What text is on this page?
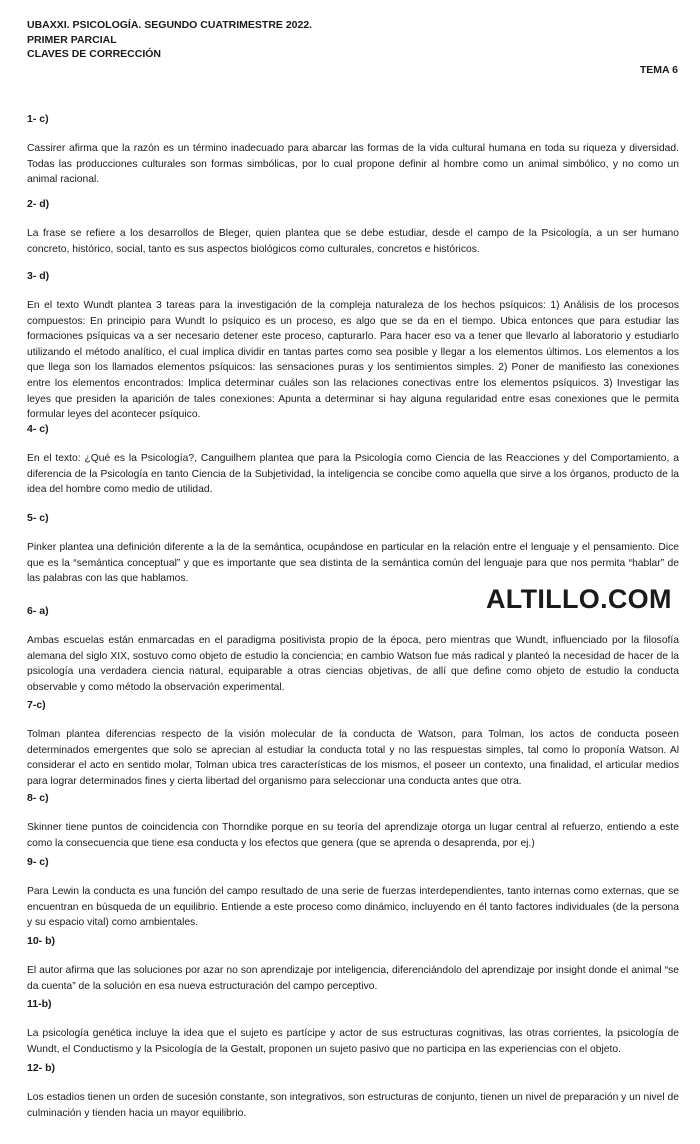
UBAXXI. PSICOLOGÍA. SEGUNDO CUATRIMESTRE 2022.
PRIMER PARCIAL
CLAVES DE CORRECCIÓN
TEMA 6
1- c)
Cassirer afirma que la razón es un término inadecuado para abarcar las formas de la vida cultural humana en toda su riqueza y diversidad. Todas las producciones culturales son formas simbólicas, por lo cual propone definir al hombre como un animal simbólico, y no como un animal racional.
2- d)
La frase se refiere a los desarrollos de Bleger, quien plantea que se debe estudiar, desde el campo de la Psicología, a un ser humano concreto, histórico, social, tanto es sus aspectos biológicos como culturales, concretos e históricos.
3- d)
En el texto Wundt plantea 3 tareas para la investigación de la compleja naturaleza de los hechos psíquicos: 1) Análisis de los procesos compuestos: En principio para Wundt lo psíquico es un proceso, es algo que se da en el tiempo. Ubica entonces que para estudiar las formaciones psíquicas va a ser necesario detener este proceso, capturarlo. Para hacer eso va a tener que llevarlo al laboratorio y estudiarlo utilizando el método analítico, el cual implica dividir en tantas partes como sea posible y llegar a los elementos últimos. Los elementos a los que llega son los llamados elementos psíquicos: las sensaciones puras y los sentimientos simples. 2) Poner de manifiesto las conexiones entre los elementos encontrados: Implica determinar cuáles son las relaciones conectivas entre los elementos psíquicos. 3) Investigar las leyes que presiden la aparición de tales conexiones: Apunta a determinar si hay alguna regularidad entre esas conexiones que le permita formular leyes del acontecer psíquico.
4- c)
En el texto: ¿Qué es la Psicología?, Canguilhem plantea que para la Psicología como Ciencia de las Reacciones y del Comportamiento, a diferencia de la Psicología en tanto Ciencia de la Subjetividad, la inteligencia se concibe como aquella que sirve a los órganos, producto de la idea del hombre como medio de utilidad.
5- c)
Pinker plantea una definición diferente a la de la semántica, ocupándose en particular en la relación entre el lenguaje y el pensamiento. Dice que es la “semántica conceptual” y que es importante que sea distinta de la semántica común del lenguaje para que nos permita “hablar” de las palabras con las que hablamos.
ALTILLO.COM
6- a)
Ambas escuelas están enmarcadas en el paradigma positivista propio de la época, pero mientras que Wundt, influenciado por la filosofía alemana del siglo XIX, sostuvo como objeto de estudio la conciencia; en cambio Watson fue más radical y planteó la necesidad de hacer de la psicología una verdadera ciencia natural, equiparable a otras ciencias objetivas, de allí que define como objeto de estudio la conducta observable y como método la observación experimental.
7-c)
Tolman plantea diferencias respecto de la visión molecular de la conducta de Watson, para Tolman, los actos de conducta poseen determinados emergentes que solo se aprecian al estudiar la conducta total y no las respuestas simples, tal como lo proponía Watson. Al considerar el acto en sentido molar, Tolman ubica tres características de los mismos, el poseer un contexto, una finalidad, el articular medios para lograr determinados fines y cierta libertad del organismo para seleccionar una conducta antes que otra.
8- c)
Skinner tiene puntos de coincidencia con Thorndike porque en su teoría del aprendizaje otorga un lugar central al refuerzo, entiendo a este como la consecuencia que tiene esa conducta y los efectos que genera (que se aprenda o desaprenda, por ej.)
9- c)
Para Lewin la conducta es una función del campo resultado de una serie de fuerzas interdependientes, tanto internas como externas, que se encuentran en búsqueda de un equilibrio. Entiende a este proceso como dinámico, incluyendo en él tanto factores individuales (de la persona y su espacio vital) como ambientales.
10- b)
El autor afirma que las soluciones por azar no son aprendizaje por inteligencia, diferenciándolo del aprendizaje por insight donde el animal “se da cuenta” de la solución en esa nueva estructuración del campo perceptivo.
11-b)
La psicología genética incluye la idea que el sujeto es partícipe y actor de sus estructuras cognitivas, las otras corrientes, la psicología de Wundt, el Conductismo y la Psicología de la Gestalt, proponen un sujeto pasivo que no participa en las experiencias con el objeto.
12- b)
Los estadios tienen un orden de sucesión constante, son integrativos, son estructuras de conjunto, tienen un nivel de preparación y un nivel de culminación y tienden hacia un mayor equilibrio.
